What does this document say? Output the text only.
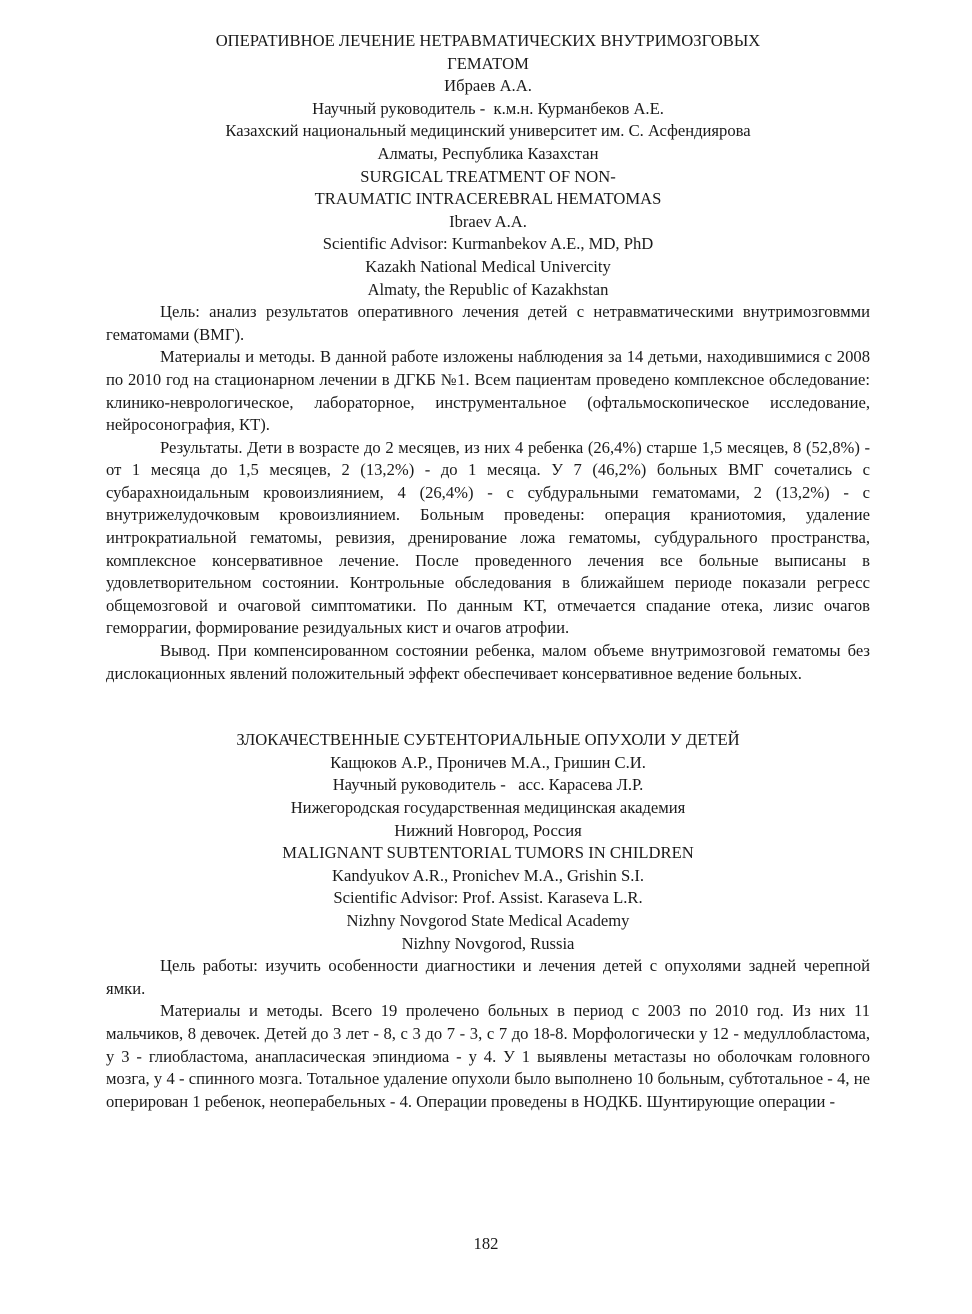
ОПЕРАТИВНОЕ ЛЕЧЕНИЕ НЕТРАВМАТИЧЕСКИХ ВНУТРИМОЗГОВЫХ

ГЕМАТОМ

Ибраев А.А.

Научный руководитель -  к.м.н. Курманбеков А.Е.

Казахский национальный медицинский университет им. С. Асфендиярова

Алматы, Республика Казахстан

SURGICAL TREATMENT OF NON-

TRAUMATIC INTRACEREBRAL HEMATOMAS

Ibraev A.A.

Scientific Advisor: Kurmanbekov A.E., MD, PhD

Kazakh National Medical Univercity

Almaty, the Republic of Kazakhstan

Цель: анализ результатов оперативного лечения детей с нетравматическими внутримозговмми гематомами (ВМГ).

Материалы и методы. В данной работе изложены наблюдения за 14 детьми, находившимися с 2008 по 2010 год на стационарном лечении в ДГКБ №1. Всем пациентам проведено комплексное обследование: клинико-неврологическое, лабораторное, инструментальное (офтальмоскопическое исследование, нейросонография, КТ).

Результаты. Дети в возрасте до 2 месяцев, из них 4 ребенка (26,4%) старше 1,5 месяцев, 8 (52,8%) - от 1 месяца до 1,5 месяцев, 2 (13,2%) - до 1 месяца. У 7 (46,2%) больных ВМГ сочетались с субарахноидальным кровоизлиянием, 4 (26,4%) - с субдуральными гематомами, 2 (13,2%) - с внутрижелудочковым кровоизлиянием. Больным проведены: операция краниотомия, удаление интрократиальной гематомы, ревизия, дренирование ложа гематомы, субдурального пространства, комплексное консервативное лечение. После проведенного лечения все больные выписаны в удовлетворительном состоянии. Контрольные обследования в ближайшем периоде показали регресс общемозговой и очаговой симптоматики. По данным КТ, отмечается спадание отека, лизис очагов геморрагии, формирование резидуальных кист и очагов атрофии.

Вывод. При компенсированном состоянии ребенка, малом объеме внутримозговой гематомы без дислокационных явлений положительный эффект обеспечивает консервативное ведение больных.

ЗЛОКАЧЕСТВЕННЫЕ СУБТЕНТОРИАЛЬНЫЕ ОПУХОЛИ У ДЕТЕЙ

Кащюков А.Р., Проничев М.А., Гришин С.И.

Научный руководитель -   асс. Карасева Л.Р.

Нижегородская государственная медицинская академия

Нижний Новгород, Россия

MALIGNANT SUBTENTORIAL TUMORS IN CHILDREN

Kandyukov A.R., Pronichev M.A., Grishin S.I.

Scientific Advisor: Prof. Assist. Karaseva L.R.

Nizhny Novgorod State Medical Academy

Nizhny Novgorod, Russia

Цель работы: изучить особенности диагностики и лечения детей с опухолями задней черепной ямки.

Материалы и методы. Всего 19 пролечено больных в период с 2003 по 2010 год. Из них 11 мальчиков, 8 девочек. Детей до 3 лет - 8, с 3 до 7 - 3, с 7 до 18-8. Морфологически у 12 - медуллобластома, у 3 - глиобластома, анапласическая эпиндиома - у 4. У 1 выявлены метастазы но оболочкам головного мозга, у 4 - спинного мозга. Тотальное удаление опухоли было выполнено 10 больным, субтотальное - 4, не оперирован 1 ребенок, неоперабельных - 4. Операции проведены в НОДКБ. Шунтирующие операции -

182
